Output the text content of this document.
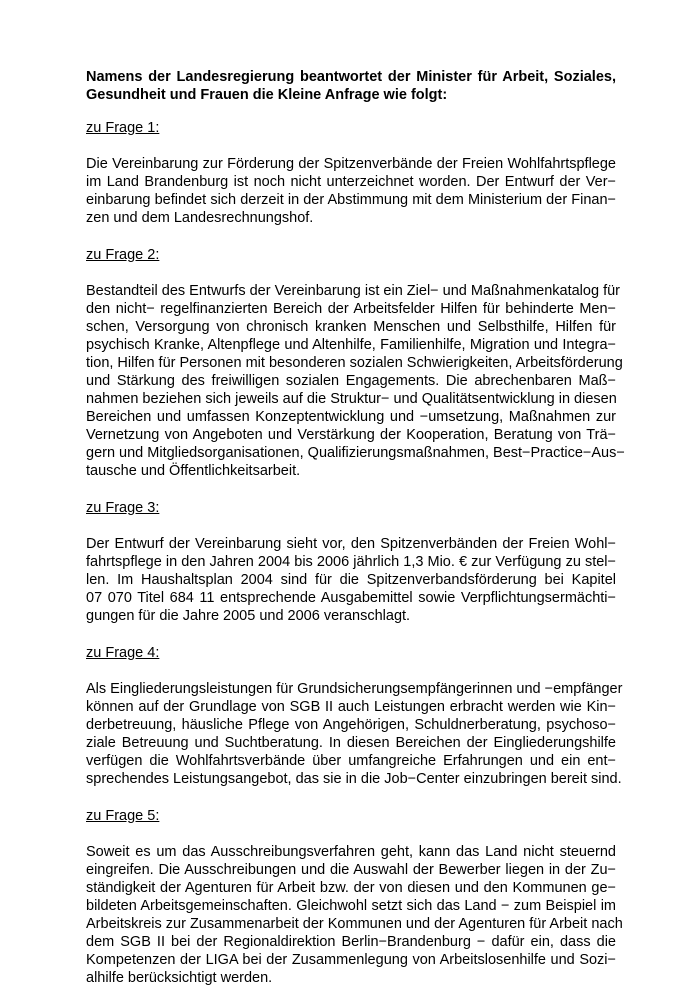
Namens der Landesregierung beantwortet der Minister für Arbeit, Soziales, Gesundheit und Frauen die Kleine Anfrage wie folgt:

zu Frage 1:

Die Vereinbarung zur Förderung der Spitzenverbände der Freien Wohlfahrtspflege
im Land Brandenburg ist noch nicht unterzeichnet worden. Der Entwurf der Ver−
einbarung befindet sich derzeit in der Abstimmung mit dem Ministerium der Finan−
zen und dem Landesrechnungshof.

zu Frage 2:

Bestandteil des Entwurfs der Vereinbarung ist ein Ziel− und Maßnahmenkatalog für
den nicht− regelfinanzierten Bereich der Arbeitsfelder Hilfen für behinderte Men−
schen, Versorgung von chronisch kranken Menschen und Selbsthilfe, Hilfen für
psychisch Kranke, Altenpflege und Altenhilfe, Familienhilfe, Migration und Integra−
tion, Hilfen für Personen mit besonderen sozialen Schwierigkeiten, Arbeitsförderung
und Stärkung des freiwilligen sozialen Engagements. Die abrechenbaren Maß−
nahmen beziehen sich jeweils auf die Struktur− und Qualitätsentwicklung in diesen
Bereichen und umfassen Konzeptentwicklung und −umsetzung, Maßnahmen zur
Vernetzung von Angeboten und Verstärkung der Kooperation, Beratung von Trä−
gern und Mitgliedsorganisationen, Qualifizierungsmaßnahmen, Best−Practice−Aus−
tausche und Öffentlichkeitsarbeit.

zu Frage 3:

Der Entwurf der Vereinbarung sieht vor, den Spitzenverbänden der Freien Wohl−
fahrtspflege in den Jahren 2004 bis 2006 jährlich 1,3 Mio. € zur Verfügung zu stel−
len. Im Haushaltsplan 2004 sind für die Spitzenverbandsförderung bei Kapitel
07 070 Titel 684 11 entsprechende Ausgabemittel sowie Verpflichtungsermächti−
gungen für die Jahre 2005 und 2006 veranschlagt.

zu Frage 4:

Als Eingliederungsleistungen für Grundsicherungsempfängerinnen und −empfänger
können auf der Grundlage von SGB II auch Leistungen erbracht werden wie Kin−
derbetreuung, häusliche Pflege von Angehörigen, Schuldnerberatung, psychoso−
ziale Betreuung und Suchtberatung. In diesen Bereichen der Eingliederungshilfe
verfügen die Wohlfahrtsverbände über umfangreiche Erfahrungen und ein ent−
sprechendes Leistungsangebot, das sie in die Job−Center einzubringen bereit sind.

zu Frage 5:

Soweit es um das Ausschreibungsverfahren geht, kann das Land nicht steuernd
eingreifen. Die Ausschreibungen und die Auswahl der Bewerber liegen in der Zu−
ständigkeit der Agenturen für Arbeit bzw. der von diesen und den Kommunen ge−
bildeten Arbeitsgemeinschaften. Gleichwohl setzt sich das Land − zum Beispiel im
Arbeitskreis zur Zusammenarbeit der Kommunen und der Agenturen für Arbeit nach
dem SGB II bei der Regionaldirektion Berlin−Brandenburg − dafür ein, dass die
Kompetenzen der LIGA bei der Zusammenlegung von Arbeitslosenhilfe und Sozi−
alhilfe berücksichtigt werden.
